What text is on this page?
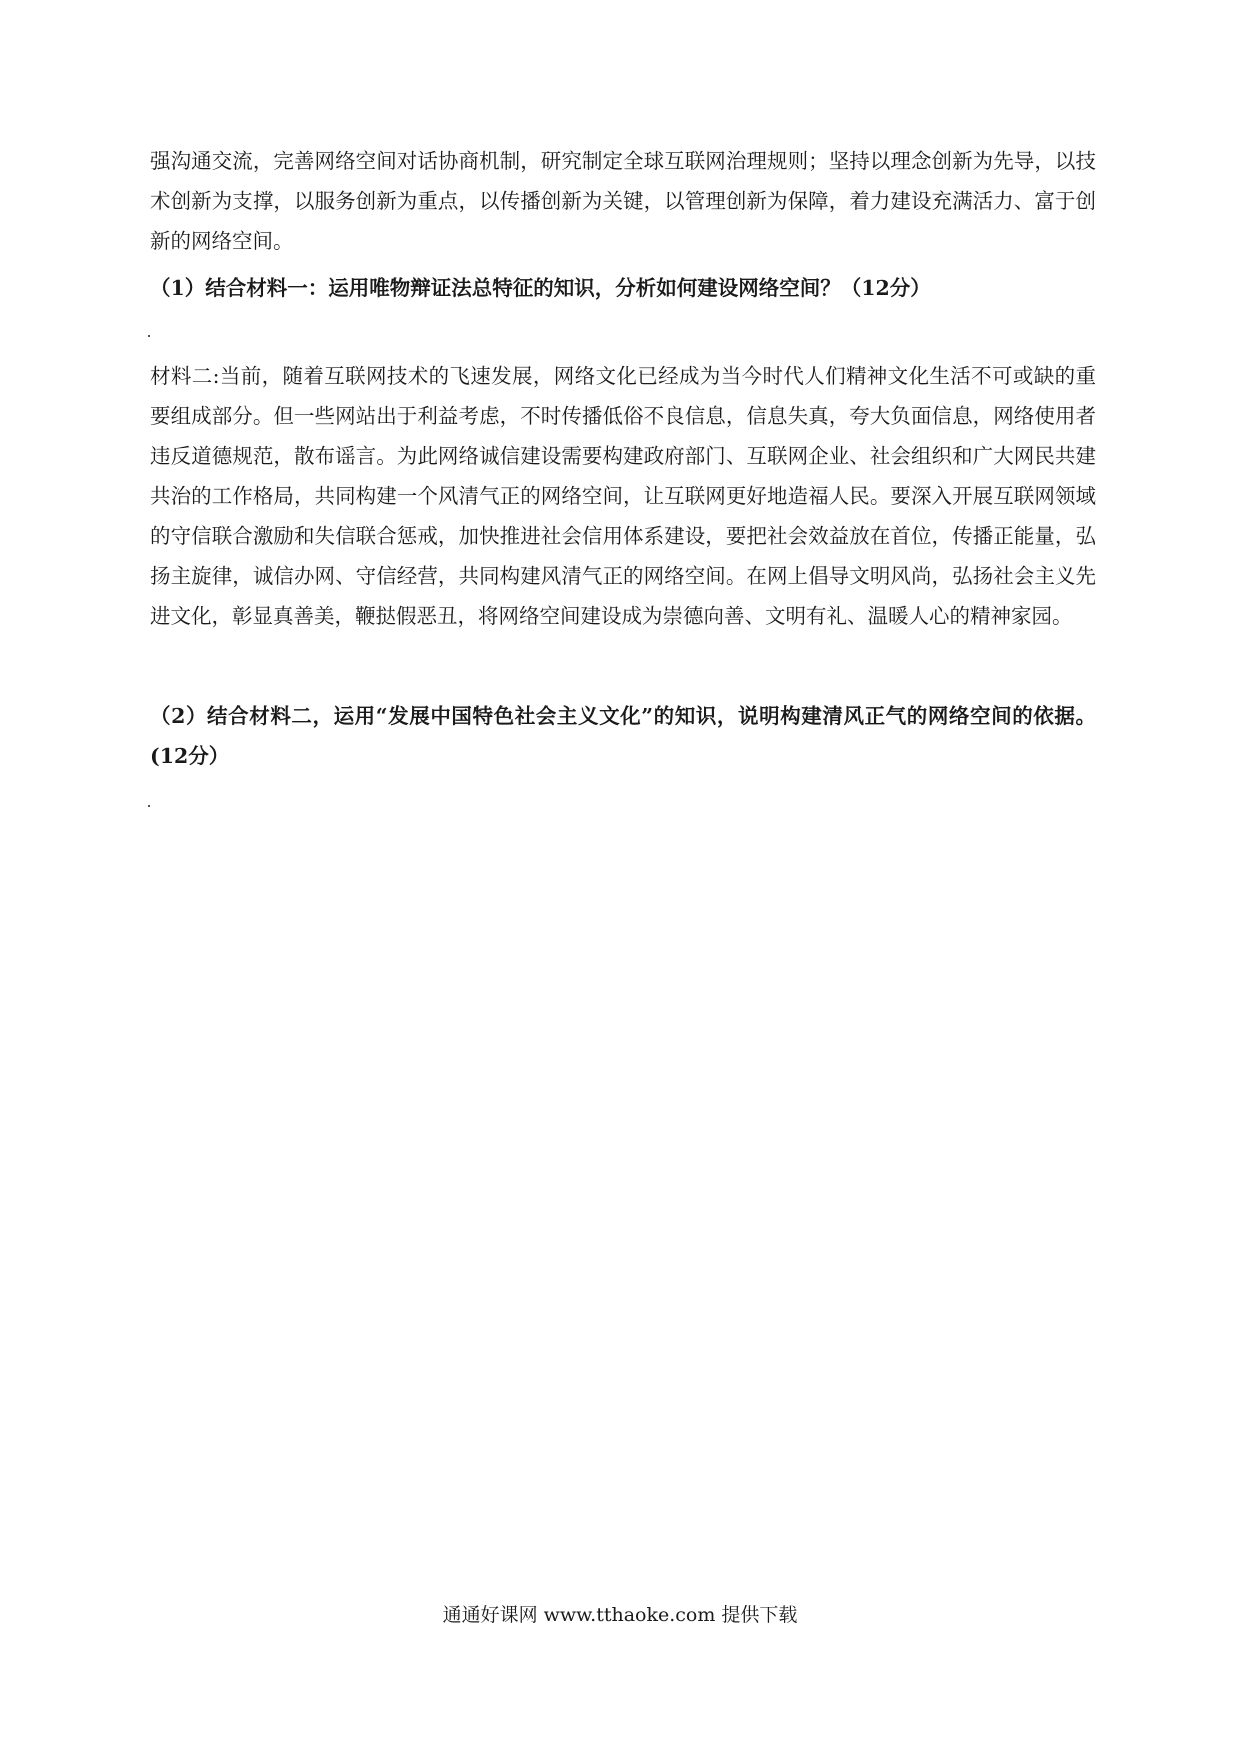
强沟通交流，完善网络空间对话协商机制，研究制定全球互联网治理规则；坚持以理念创新为先导，以技术创新为支撑，以服务创新为重点，以传播创新为关键，以管理创新为保障，着力建设充满活力、富于创新的网络空间。

（1）结合材料一：运用唯物辩证法总特征的知识，分析如何建设网络空间？（12分）

材料二:当前，随着互联网技术的飞速发展，网络文化已经成为当今时代人们精神文化生活不可或缺的重要组成部分。但一些网站出于利益考虑，不时传播低俗不良信息，信息失真，夸大负面信息，网络使用者违反道德规范，散布谣言。为此网络诚信建设需要构建政府部门、互联网企业、社会组织和广大网民共建共治的工作格局，共同构建一个风清气正的网络空间，让互联网更好地造福人民。要深入开展互联网领域的守信联合激励和失信联合惩戒，加快推进社会信用体系建设，要把社会效益放在首位，传播正能量，弘扬主旋律，诚信办网、守信经营，共同构建风清气正的网络空间。在网上倡导文明风尚，弘扬社会主义先进文化，彰显真善美，鞭挞假恶丑，将网络空间建设成为崇德向善、文明有礼、温暖人心的精神家园。

（2）结合材料二，运用“发展中国特色社会主义文化”的知识，说明构建清风正气的网络空间的依据。(12分）

通通好课网 www.tthaoke.com 提供下载
